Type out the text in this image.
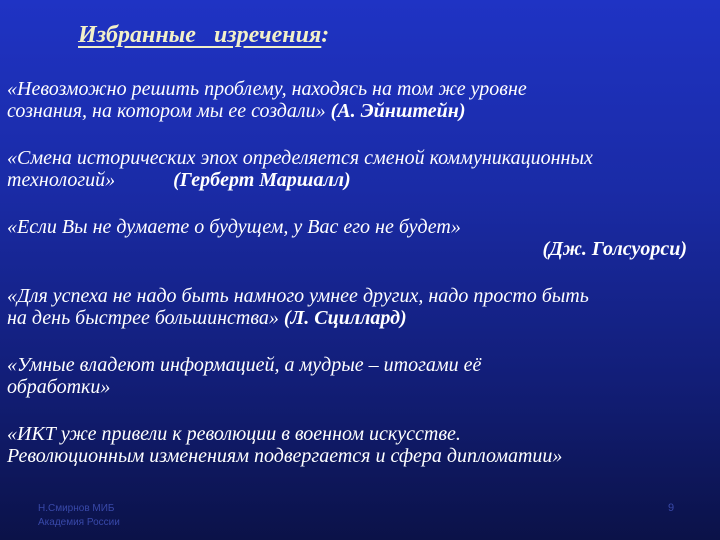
Избранные   изречения:
«Невозможно решить проблему, находясь на том же уровне
сознания, на котором мы ее создали» (А. Эйнштейн)
«Смена исторических эпох определяется сменой коммуникационных
технологий»	(Герберт Маршалл)
«Если Вы не думаете о будущем, у Вас его не будет»
(Дж. Голсуорси)
«Для успеха не надо быть намного умнее других, надо просто быть
на день быстрее большинства» (Л. Сциллард)
«Умные владеют информацией, а мудрые – итогами её
обработки»
«ИКТ уже привели к революции в военном искусстве.
Революционным изменениям подвергается и сфера дипломатии»
Н.Смирнов МИБ
Академия России
9
